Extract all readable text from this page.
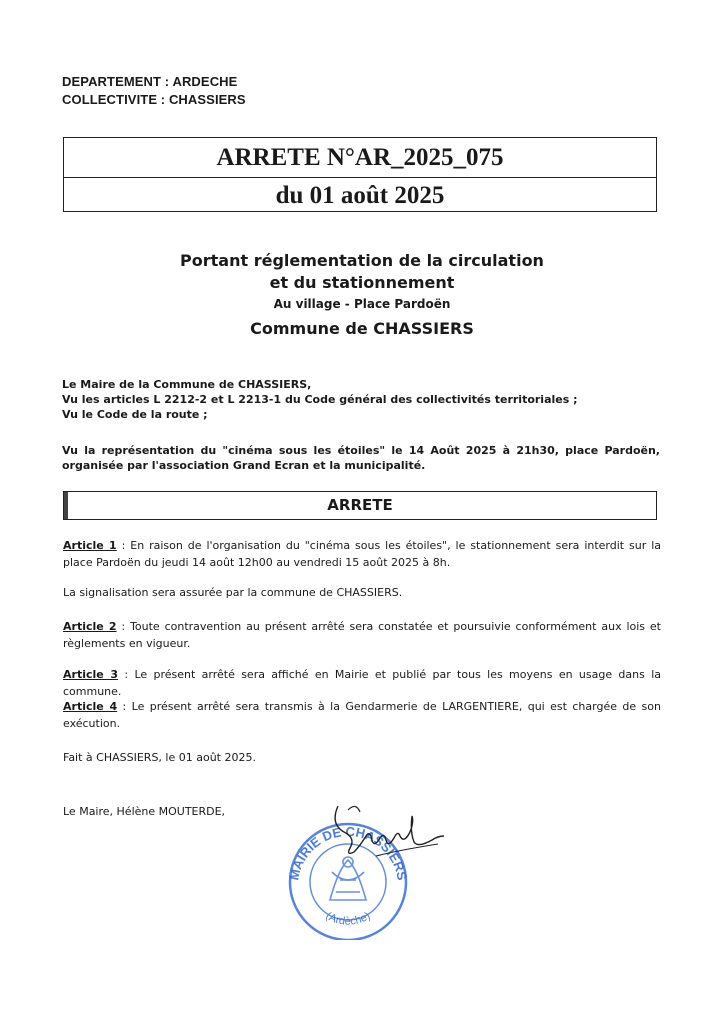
DEPARTEMENT : ARDECHE
COLLECTIVITE : CHASSIERS
ARRETE N°AR_2025_075
du 01 août 2025
Portant réglementation de la circulation
et du stationnement
Au village - Place Pardoën
Commune de CHASSIERS
Le Maire de la Commune de CHASSIERS,
Vu les articles L 2212-2 et L 2213-1 du Code général des collectivités territoriales ;
Vu le Code de la route ;
Vu la représentation du "cinéma sous les étoiles" le 14 Août 2025 à 21h30, place Pardoën, organisée par l'association Grand Ecran et la municipalité.
ARRETE
Article 1 : En raison de l'organisation du "cinéma sous les étoiles", le stationnement sera interdit sur la place Pardoën du jeudi 14 août 12h00 au vendredi 15 août 2025 à 8h.
La signalisation sera assurée par la commune de CHASSIERS.
Article 2 : Toute contravention au présent arrêté sera constatée et poursuivie conformément aux lois et règlements en vigueur.
Article 3 : Le présent arrêté sera affiché en Mairie et publié par tous les moyens en usage dans la commune.
Article 4 : Le présent arrêté sera transmis à la Gendarmerie de LARGENTIERE, qui est chargée de son exécution.
Fait à CHASSIERS, le 01 août 2025.
Le Maire, Hélène MOUTERDE,
MAIRIE DE CHASSIERS
(Ardèche)
